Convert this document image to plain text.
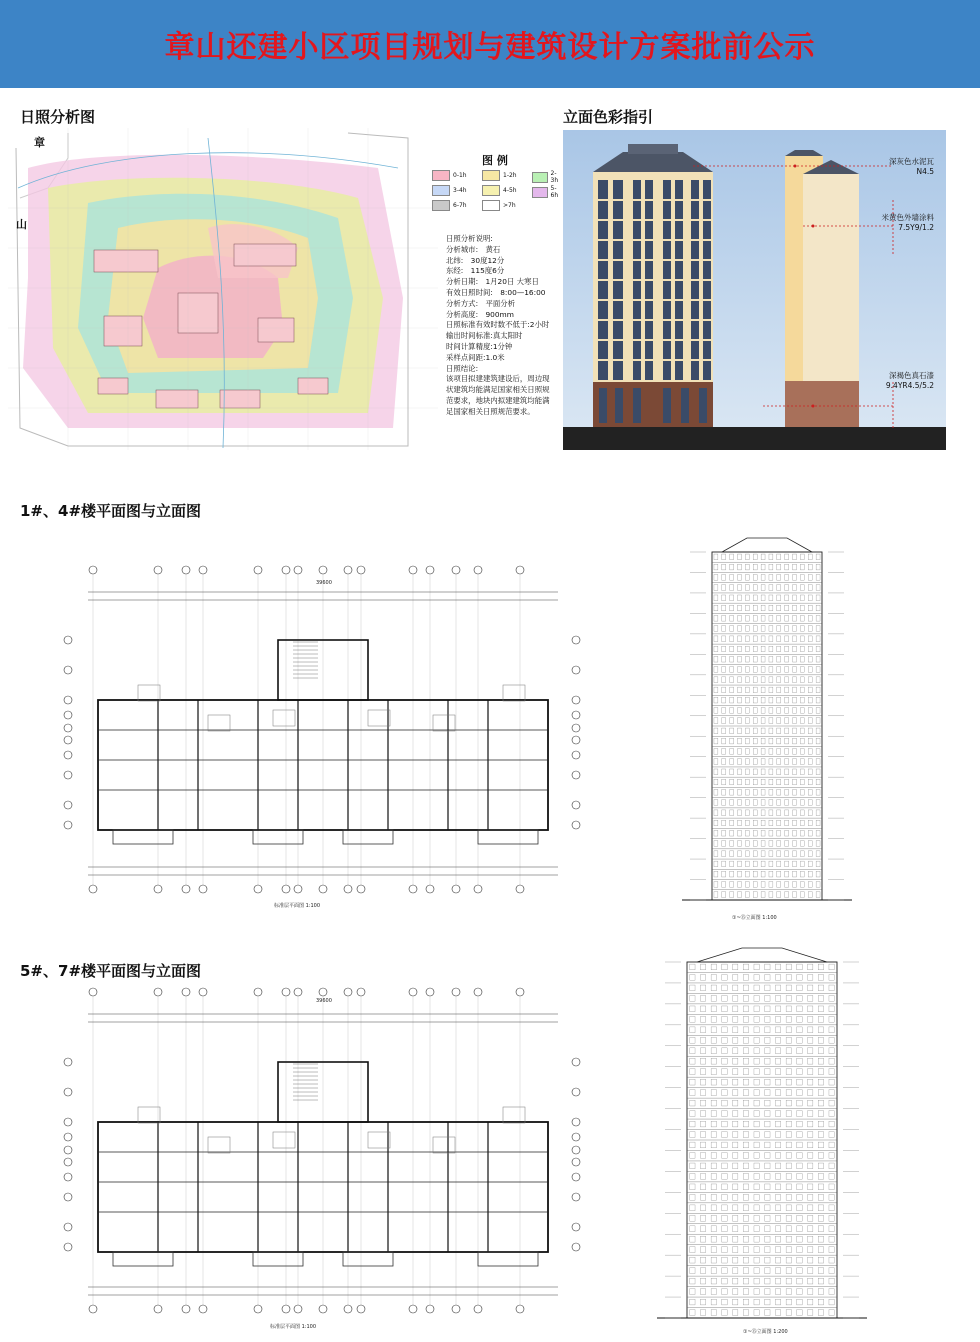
章山还建小区项目规划与建筑设计方案批前公示
日照分析图	立面色彩指引
1#、4#楼平面图与立面图
5#、7#楼平面图与立面图
章
山
图 例
0-1h	1-2h	2-3h
3-4h	4-5h	5-6h
6-7h	>7h
日照分析说明:
分析城市:　黄石
北纬:　30度12分
东经:　115度6分
分析日期:　1月20日 大寒日
有效日照时间:　8:00—16:00
分析方式:　平面分析
分析高度:　900mm
日照标准有效时数不低于:2小时
输出时间标准:真太阳时
时间计算精度:1分钟
采样点间距:1.0米
日照结论:
该项目拟建建筑建设后，周边现状建筑均能满足国家相关日照规范要求，地块内拟建建筑均能满足国家相关日照规范要求。
深灰色水泥瓦
N4.5
米黄色外墙涂料
7.5Y9/1.2
深褐色真石漆
9.4YR4.5/5.2
标准层平面图 1:100
39600
①~⑮立面图 1:100
标准层平面图 1:100
39600
①~⑮立面图 1:200
